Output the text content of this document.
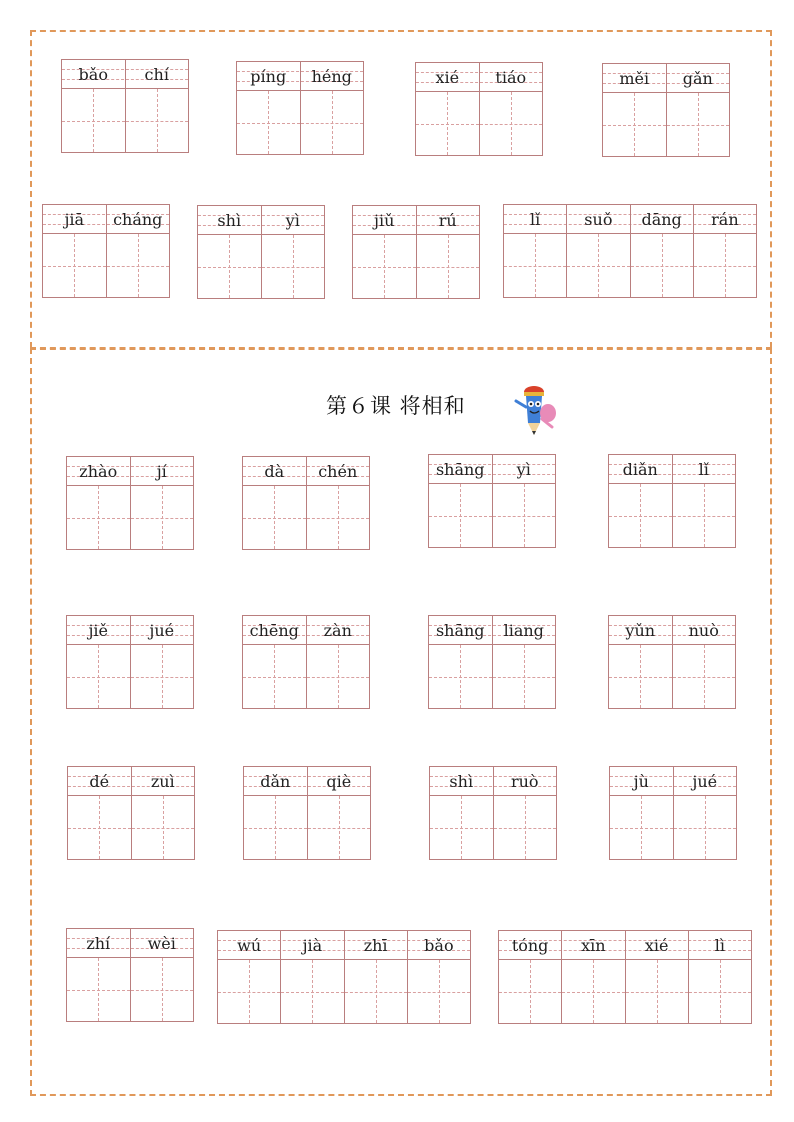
第６课 将相和
bǎo	chí	píng	héng	xié	tiáo	měi	gǎn
jiā	cháng	shì	yì	jiǔ	rú	lǐ	suǒ	dāng	rán
zhào	jí	dà	chén	shāng	yì	diǎn	lǐ
jiě	jué	chēng	zàn	shāng	liang	yǔn	nuò
dé	zuì	dǎn	qiè	shì	ruò	jù	jué
zhí	wèi	wú	jià	zhī	bǎo	tóng	xīn	xié	lì
